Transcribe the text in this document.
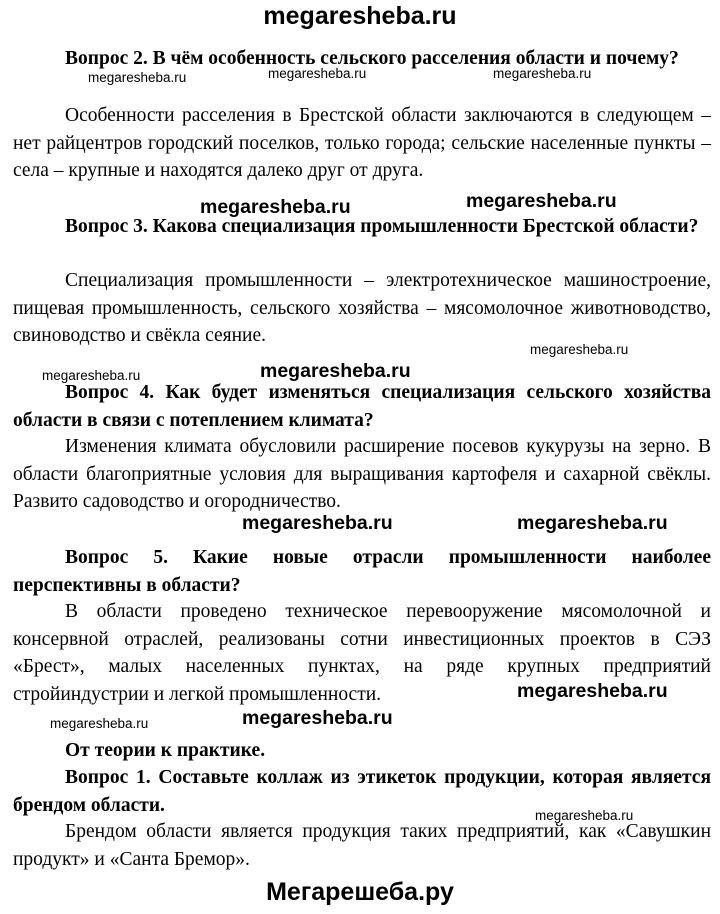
megaresheba.ru
Вопрос 2. В чём особенность сельского расселения области и почему?
Особенности расселения в Брестской области заключаются в следующем – нет райцентров городский поселков, только города; сельские населенные пункты – села – крупные и находятся далеко друг от друга.
Вопрос 3. Какова специализация промышленности Брестской области?
Специализация промышленности – электротехническое машиностроение, пищевая промышленность, сельского хозяйства – мясомолочное животноводство, свиноводство и свёкла сеяние.
Вопрос 4. Как будет изменяться специализация сельского хозяйства области в связи с потеплением климата?
Изменения климата обусловили расширение посевов кукурузы на зерно. В области благоприятные условия для выращивания картофеля и сахарной свёклы. Развито садоводство и огородничество.
Вопрос 5. Какие новые отрасли промышленности наиболее перспективны в области?
В области проведено техническое перевооружение мясомолочной и консервной отраслей, реализованы сотни инвестиционных проектов в СЭЗ «Брест», малых населенных пунктах, на ряде крупных предприятий стройиндустрии и легкой промышленности.
От теории к практике.
Вопрос 1. Составьте коллаж из этикеток продукции, которая является брендом области.
Брендом области является продукция таких предприятий, как «Савушкин продукт» и «Санта Бремор».
megaresheba.ru	megaresheba.ru	megaresheba.ru
megaresheba.ru	megaresheba.ru
megaresheba.ru
megaresheba.ru	megaresheba.ru
megaresheba.ru	megaresheba.ru
megaresheba.ru
megaresheba.ru	megaresheba.ru
megaresheba.ru
Мегарешеба.ру
